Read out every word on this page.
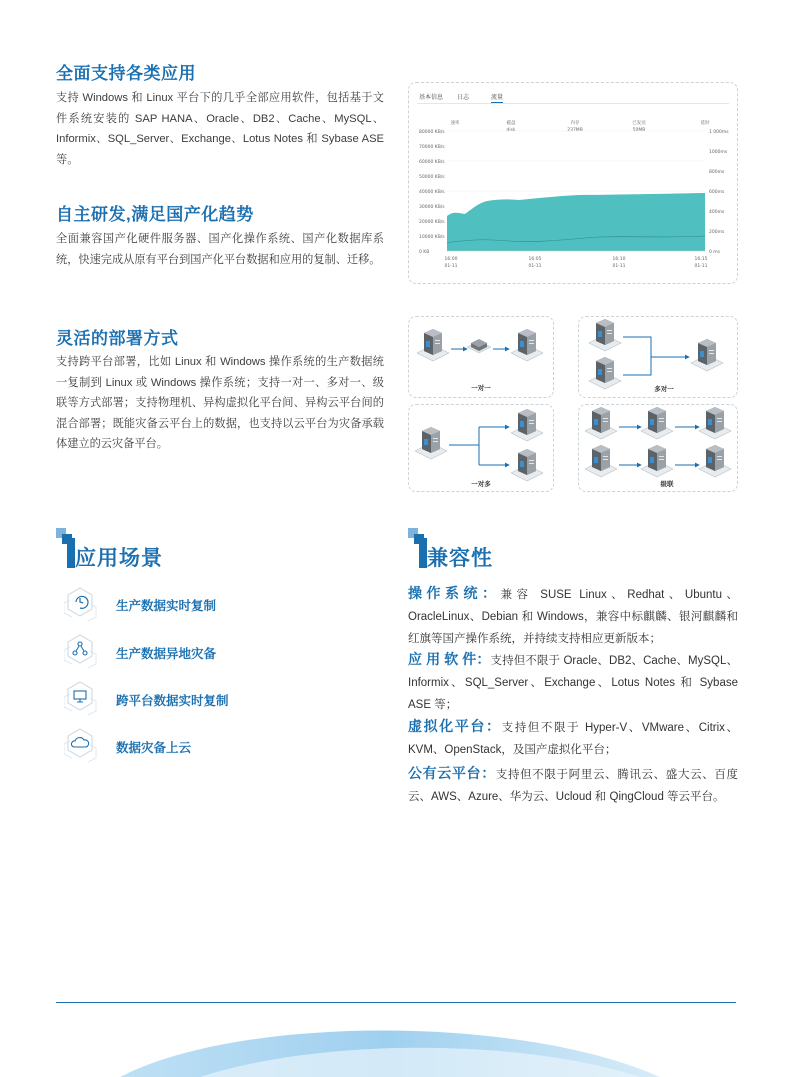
全面支持各类应用
支持 Windows 和 Linux 平台下的几乎全部应用软件，包括基于文件系统安装的 SAP HANA、Oracle、DB2、Cache、MySQL、Informix、SQL_Server、Exchange、Lotus Notes 和 Sybase ASE 等。
自主研发,满足国产化趋势
全面兼容国产化硬件服务器、国产化操作系统、国产化数据库系统，快速完成从原有平台到国产化平台数据和应用的复制、迁移。
灵活的部署方式
支持跨平台部署，比如 Linux 和 Windows 操作系统的生产数据统一复制到 Linux 或 Windows 操作系统；支持一对一、多对一、级联等方式部署；支持物理机、异构虚拟化平台间、异构云平台间的混合部署；既能灾备云平台上的数据，也支持以云平台为灾备承载体建立的云灾备平台。
基本信息 日志	流量
速率	磁盘
disk
内存
237MB
已发送
50MB
延时
80000 KB/s
70000 KB/s
60000 KB/s
50000 KB/s
40000 KB/s
30000 KB/s
20000 KB/s
10000 KB/s
0 KB
1 000ms
1000ms
800ms
600ms
400ms
200ms
0 ms
16:00
01-11
16:05
01-11
16:10
01-11
16:15
01-11
一对一	多对一
一对多	级联
应用场景
生产数据实时复制
生产数据异地灾备
跨平台数据实时复制
数据灾备上云
兼容性
操作系统：兼容 SUSE Linux、Redhat、Ubuntu、OracleLinux、Debian 和 Windows，兼容中标麒麟、银河麒麟和红旗等国产操作系统，并持续支持相应更新版本；
应 用 软 件：支持但不限于 Oracle、DB2、Cache、MySQL、Informix、SQL_Server、Exchange、Lotus Notes 和 Sybase ASE 等；
虚拟化平台：支持但不限于 Hyper-V、VMware、Citrix、KVM、OpenStack，及国产虚拟化平台；
公有云平台：支持但不限于阿里云、腾讯云、盛大云、百度云、AWS、Azure、华为云、Ucloud 和 QingCloud 等云平台。
